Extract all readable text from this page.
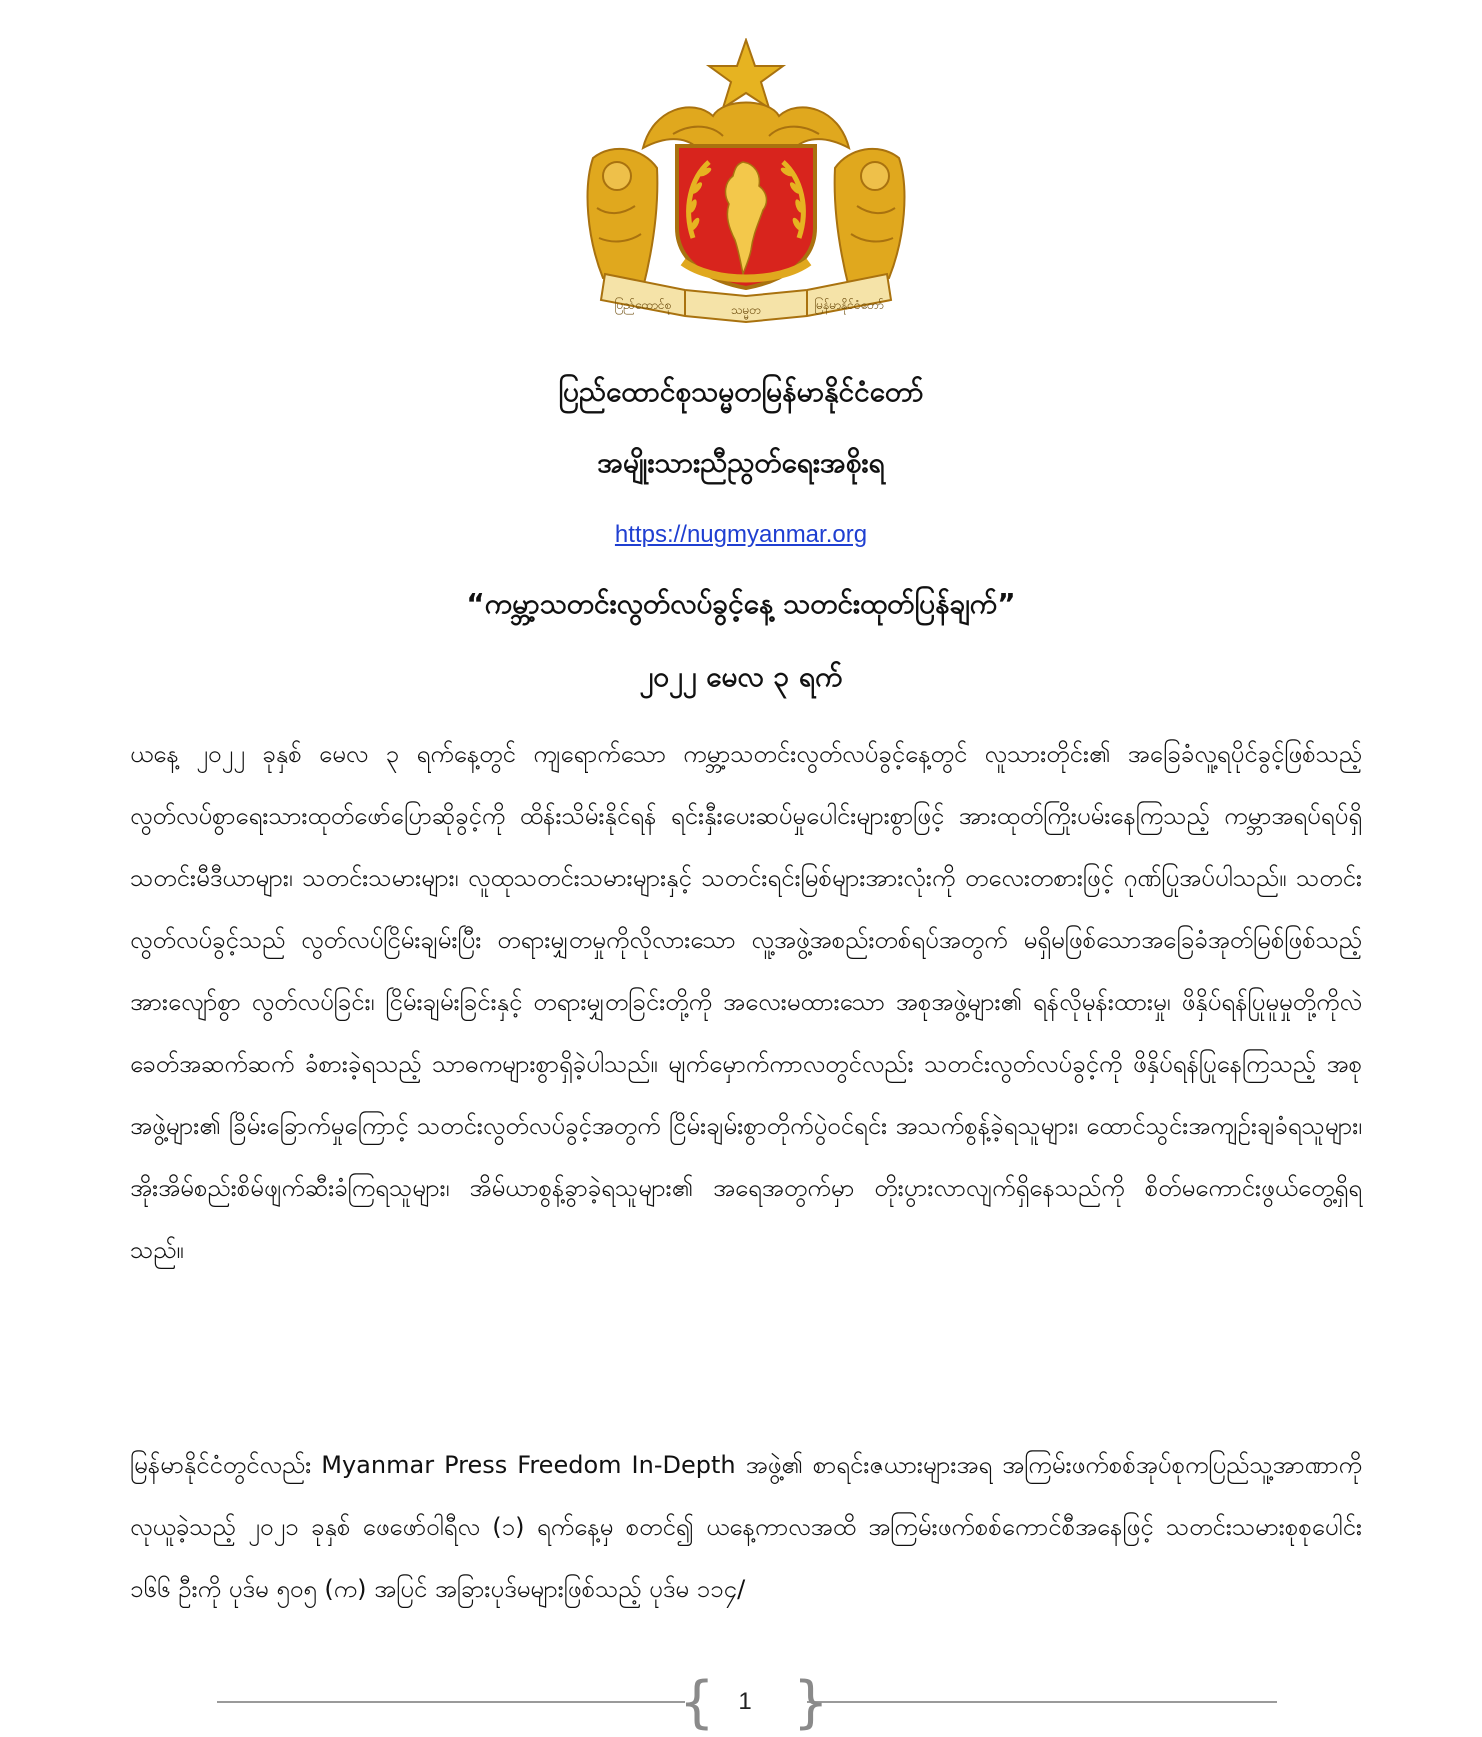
ပြည်ထောင်စု	သမ္မတ	မြန်မာနိုင်ငံတော်
ပြည်ထောင်စုသမ္မတမြန်မာနိုင်ငံတော်
အမျိုးသားညီညွတ်ရေးအစိုးရ
https://nugmyanmar.org
“ကမ္ဘာ့သတင်းလွတ်လပ်ခွင့်နေ့ သတင်းထုတ်ပြန်ချက်”
၂၀၂၂ မေလ ၃ ရက်

ယနေ့ ၂၀၂၂ ခုနှစ် မေလ ၃ ရက်နေ့တွင် ကျရောက်သော ကမ္ဘာ့သတင်းလွတ်လပ်ခွင့်နေ့တွင် လူသားတိုင်း၏ အခြေခံလူ့ရပိုင်ခွင့်ဖြစ်သည့် လွတ်လပ်စွာရေးသားထုတ်ဖော်ပြောဆိုခွင့်ကို ထိန်းသိမ်းနိုင်ရန် ရင်းနှီးပေးဆပ်မှုပေါင်းများစွာဖြင့် အားထုတ်ကြိုးပမ်းနေကြသည့် ကမ္ဘာအရပ်ရပ်ရှိ သတင်းမီဒီယာများ၊ သတင်းသမားများ၊ လူထုသတင်းသမားများနှင့် သတင်းရင်းမြစ်များအားလုံးကို တလေးတစားဖြင့် ဂုဏ်ပြုအပ်ပါသည်။ သတင်းလွတ်လပ်ခွင့်သည် လွတ်လပ်ငြိမ်းချမ်းပြီး တရားမျှတမှုကိုလိုလားသော လူ့အဖွဲ့အစည်းတစ်ရပ်အတွက် မရှိမဖြစ်သောအခြေခံအုတ်မြစ်ဖြစ်သည့်အားလျော်စွာ လွတ်လပ်ခြင်း၊ ငြိမ်းချမ်းခြင်းနှင့် တရားမျှတခြင်းတို့ကို အလေးမထားသော အစုအဖွဲ့များ၏ ရန်လိုမုန်းထားမှု၊ ဖိနှိပ်ရန်ပြုမူမှုတို့ကိုလဲ ခေတ်အဆက်ဆက် ခံစားခဲ့ရသည့် သာဓကများစွာရှိခဲ့ပါသည်။ မျက်မှောက်ကာလတွင်လည်း သတင်းလွတ်လပ်ခွင့်ကို ဖိနှိပ်ရန်ပြုနေကြသည့် အစုအဖွဲ့များ၏ ခြိမ်းခြောက်မှုကြောင့် သတင်းလွတ်လပ်ခွင့်အတွက် ငြိမ်းချမ်းစွာတိုက်ပွဲဝင်ရင်း အသက်စွန့်ခဲ့ရသူများ၊ ထောင်သွင်းအကျဉ်းချခံရသူများ၊ အိုးအိမ်စည်းစိမ်ဖျက်ဆီးခံကြရသူများ၊ အိမ်ယာစွန့်ခွာခဲ့ရသူများ၏ အရေအတွက်မှာ တိုးပွားလာလျက်ရှိနေသည်ကို စိတ်မကောင်းဖွယ်တွေ့ရှိရသည်။

မြန်မာနိုင်ငံတွင်လည်း Myanmar Press Freedom In-Depth အဖွဲ့၏ စာရင်းဇယားများအရ အကြမ်းဖက်စစ်အုပ်စုကပြည်သူ့အာဏာကို လုယူခဲ့သည့် ၂၀၂၁ ခုနှစ် ဖေဖော်ဝါရီလ (၁) ရက်နေ့မှ စတင်၍ ယနေ့ကာလအထိ အကြမ်းဖက်စစ်ကောင်စီအနေဖြင့် သတင်းသမားစုစုပေါင်း ၁၆၆ ဦးကို ပုဒ်မ ၅၀၅ (က) အပြင် အခြားပုဒ်မများဖြစ်သည့် ပုဒ်မ ၁၁၄/

{ }
1
